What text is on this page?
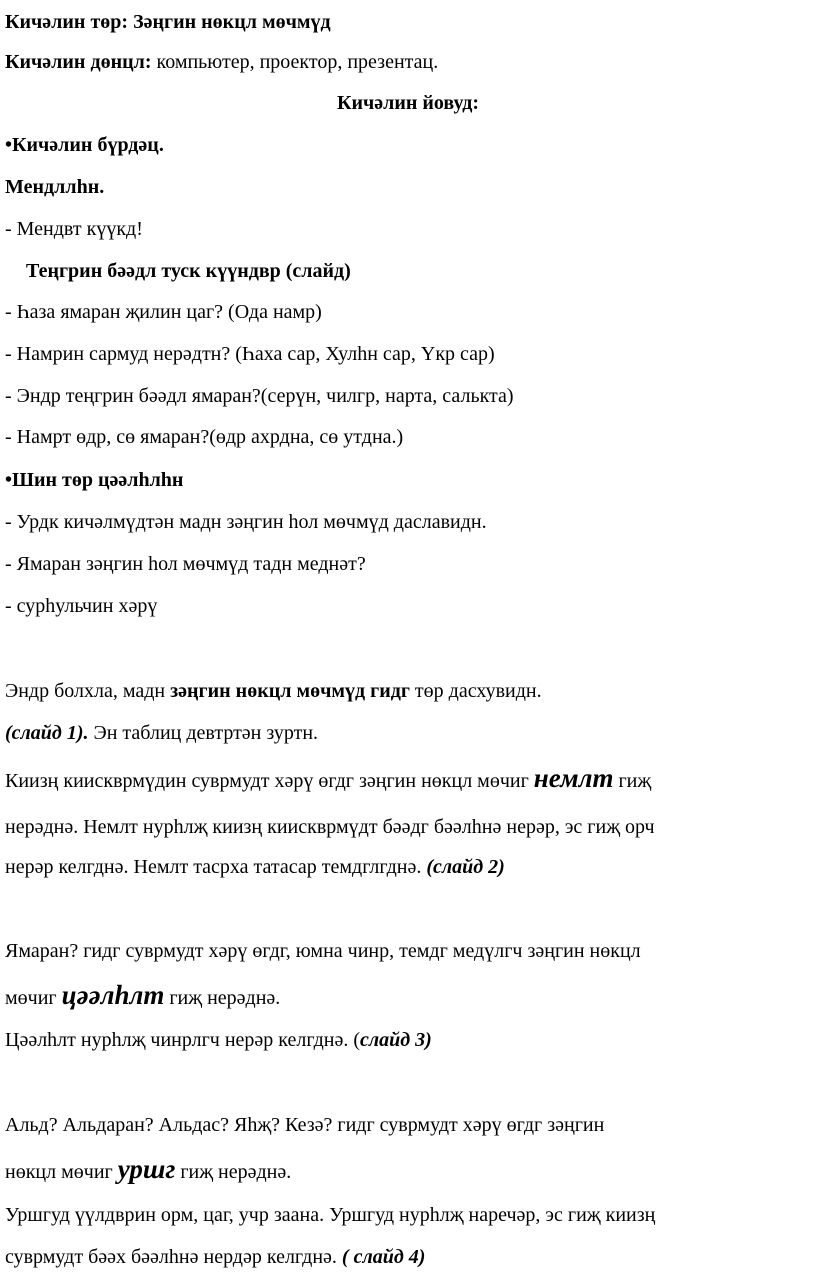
Кичәлин төр: Зәңгин нөкцл мөчмүд
Кичәлин дөнцл: компьютер, проектор, презентац.
Кичәлин йовуд:
•Кичәлин бүрдәц.
Мендллһн.
- Мендвт күүкд!
Теңгрин бәәдл туск күүндвр (слайд)
- Һаза ямаран җилин цаг? (Ода намр)
- Намрин сармуд нерәдтн? (Һаха сар, Хулһн сар, Үкр сар)
- Эндр теңгрин бәәдл ямаран?(серүн, чилгр, нарта, салькта)
- Намрт өдр, сө ямаран?(өдр ахрдна, сө утдна.)
•Шин төр цәәлһлһн
- Урдк кичәлмүдтән мадн зәңгин һол мөчмүд даславидн.
- Ямаран зәңгин һол мөчмүд тадн меднәт?
- сурһульчин хәрү
Эндр болхла, мадн зәңгин нөкцл мөчмүд гидг төр дасхувидн.
(слайд 1). Эн таблиц девтртән зуртн.
Киизң киискврмүдин суврмудт хәрү өгдг зәңгин нөкцл мөчиг немлт гиҗ
нерәднә. Немлт нурһлҗ киизң киискврмүдт бәәдг бәәлһнә нерәр, эс гиҗ орч
нерәр келгднә. Немлт тасрха татасар темдглгднә. (слайд 2)
Ямаран? гидг суврмудт хәрү өгдг, юмна чинр, темдг медүлгч зәңгин нөкцл
мөчиг цәәлһлт гиҗ нерәднә.
Цәәлһлт нурһлҗ чинрлгч нерәр келгднә. (слайд 3)
Альд? Альдаран? Альдас? Яһҗ? Кезә? гидг суврмудт хәрү өгдг зәңгин
нөкцл мөчиг уршг гиҗ нерәднә.
Уршгуд үүлдврин орм, цаг, учр заана. Уршгуд нурһлҗ наречәр, эс гиҗ киизң
суврмудт бәәх бәәлһнә нердәр келгднә. ( слайд 4)
